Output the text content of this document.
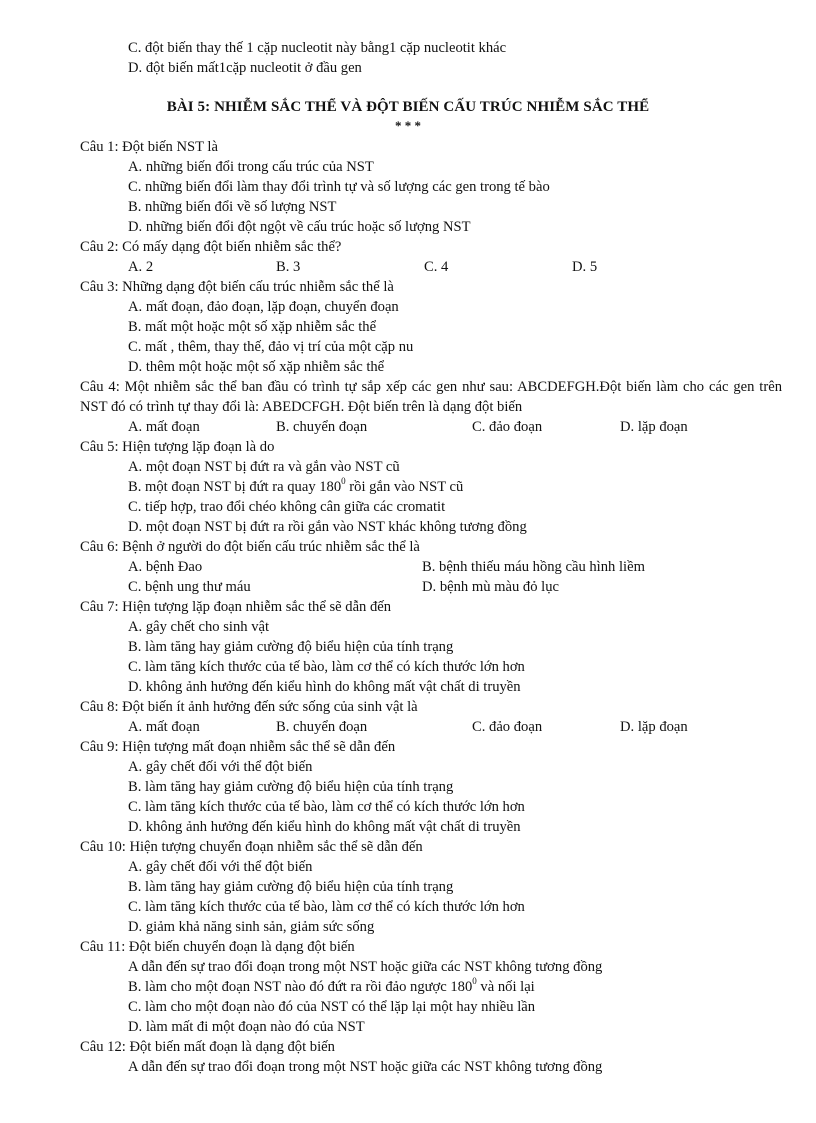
C. đột biến thay thế 1 cặp nucleotit này bằng1 cặp nucleotit khác
D. đột biến mất1cặp nucleotit ở đầu gen
BÀI 5: NHIỄM SẮC THỂ VÀ ĐỘT BIẾN CẤU TRÚC NHIỄM SẮC THỂ
* * *
Câu 1: Đột biến NST là
A. những biến đổi trong cấu trúc của NST
C. những biến đổi làm thay đổi trình tự và số lượng các gen trong tế bào
B. những biến đổi về số lượng NST
D. những biến đổi đột ngột về cấu trúc hoặc số lượng NST
Câu 2: Có mấy dạng đột biến nhiễm sắc thể?
A. 2	B. 3	C. 4	D. 5
Câu 3: Những dạng đột biến cấu trúc nhiễm sắc thể là
A. mất đoạn, đảo đoạn, lặp đoạn, chuyển đoạn
B. mất một hoặc một số xặp nhiễm sắc thể
C. mất , thêm, thay thế, đảo vị trí của một cặp nu
D. thêm một hoặc một số xặp nhiễm sắc thể
Câu 4: Một nhiễm sắc thể ban đầu có trình tự sắp xếp các gen như sau: ABCDEFGH.Đột biến làm cho các gen trên NST đó có trình tự thay đổi là: ABEDCFGH. Đột biến trên là dạng đột biến
A. mất đoạn	B. chuyển đoạn	C. đảo đoạn	D. lặp đoạn
Câu 5: Hiện tượng lặp đoạn là do
A. một đoạn NST bị đứt ra và gắn vào NST cũ
B. một đoạn NST bị đứt ra quay $180^0$ rồi gắn vào NST cũ
C. tiếp hợp, trao đổi chéo không cân giữa các cromatit
D. một đoạn NST bị đứt ra rồi gắn vào NST khác không tương đồng
Câu 6: Bệnh ở người do đột biến cấu trúc nhiễm sắc thể là
A. bệnh Đao	B. bệnh thiếu máu hồng cầu hình liềm
C. bệnh ung thư máu	D. bệnh mù màu đỏ lục
Câu 7: Hiện tượng lặp đoạn nhiễm sắc thể sẽ dẫn đến
A. gây chết cho sinh vật
B. làm tăng hay giảm cường độ biểu hiện của tính trạng
C. làm tăng kích thước của tế bào, làm cơ thể có kích thước lớn hơn
D. không ảnh hưởng đến kiểu hình do không mất vật chất di truyền
Câu 8: Đột biến ít ảnh hưởng đến sức sống của sinh vật là
A. mất đoạn	B. chuyển đoạn	C. đảo đoạn	D. lặp đoạn
Câu 9: Hiện tượng mất đoạn nhiễm sắc thể sẽ dẫn đến
A. gây chết đối với thể đột biến
B. làm tăng hay giảm cường độ biểu hiện của tính trạng
C. làm tăng kích thước của tế bào, làm cơ thể có kích thước lớn hơn
D. không ảnh hưởng đến kiểu hình do không mất vật chất di truyền
Câu 10: Hiện tượng chuyển đoạn nhiễm sắc thể sẽ dẫn đến
A. gây chết đối với thể đột biến
B. làm tăng hay giảm cường độ biểu hiện của tính trạng
C. làm tăng kích thước của tế bào, làm cơ thể có kích thước lớn hơn
D. giảm khả năng sinh sản, giảm sức sống
Câu 11: Đột biến chuyển đoạn là dạng đột biến
A dẫn đến sự trao đổi đoạn trong một NST hoặc giữa các NST không tương đồng
B. làm cho một đoạn NST nào đó đứt ra rồi đảo ngược $180^0$ và nối lại
C. làm cho một đoạn nào đó của NST có thể lặp lại một hay nhiều lần
D. làm mất đi một đoạn nào đó của NST
Câu 12: Đột biến mất đoạn là dạng đột biến
A dẫn đến sự trao đổi đoạn trong một NST hoặc giữa các NST không tương đồng
